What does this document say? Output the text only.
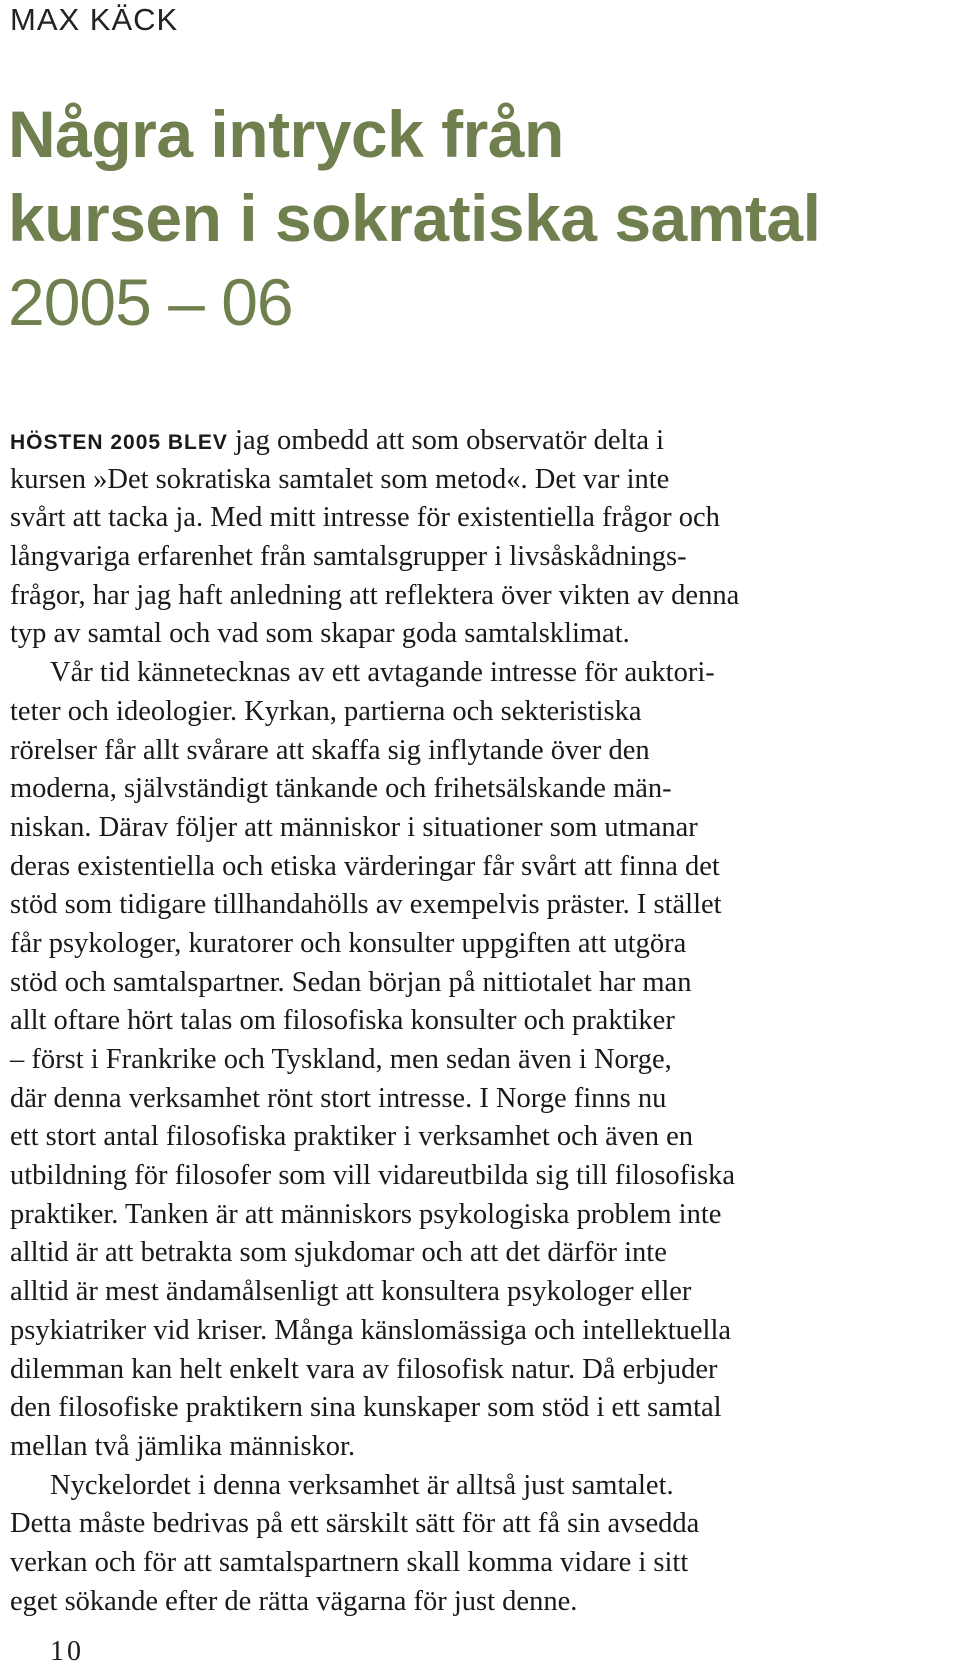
MAX KÄCK

Några intryck från
kursen i sokratiska samtal
2005 – 06
HÖSTEN 2005 BLEV jag ombedd att som observatör delta i
kursen »Det sokratiska samtalet som metod«. Det var inte
svårt att tacka ja. Med mitt intresse för existentiella frågor och
långvariga erfarenhet från samtalsgrupper i livsåskådnings-
frågor, har jag haft anledning att reflektera över vikten av denna
typ av samtal och vad som skapar goda samtalsklimat.
Vår tid kännetecknas av ett avtagande intresse för auktori-
teter och ideologier. Kyrkan, partierna och sekteristiska
rörelser får allt svårare att skaffa sig inflytande över den
moderna, självständigt tänkande och frihetsälskande män-
niskan. Därav följer att människor i situationer som utmanar
deras existentiella och etiska värderingar får svårt att finna det
stöd som tidigare tillhandahölls av exempelvis präster. I stället
får psykologer, kuratorer och konsulter uppgiften att utgöra
stöd och samtalspartner. Sedan början på nittiotalet har man
allt oftare hört talas om filosofiska konsulter och praktiker
– först i Frankrike och Tyskland, men sedan även i Norge,
där denna verksamhet rönt stort intresse. I Norge finns nu
ett stort antal filosofiska praktiker i verksamhet och även en
utbildning för filosofer som vill vidareutbilda sig till filosofiska
praktiker. Tanken är att människors psykologiska problem inte
alltid är att betrakta som sjukdomar och att det därför inte
alltid är mest ändamålsenligt att konsultera psykologer eller
psykiatriker vid kriser. Många känslomässiga och intellektuella
dilemman kan helt enkelt vara av filosofisk natur. Då erbjuder
den filosofiske praktikern sina kunskaper som stöd i ett samtal
mellan två jämlika människor.
Nyckelordet i denna verksamhet är alltså just samtalet.
Detta måste bedrivas på ett särskilt sätt för att få sin avsedda
verkan och för att samtalspartnern skall komma vidare i sitt
eget sökande efter de rätta vägarna för just denne.

10
